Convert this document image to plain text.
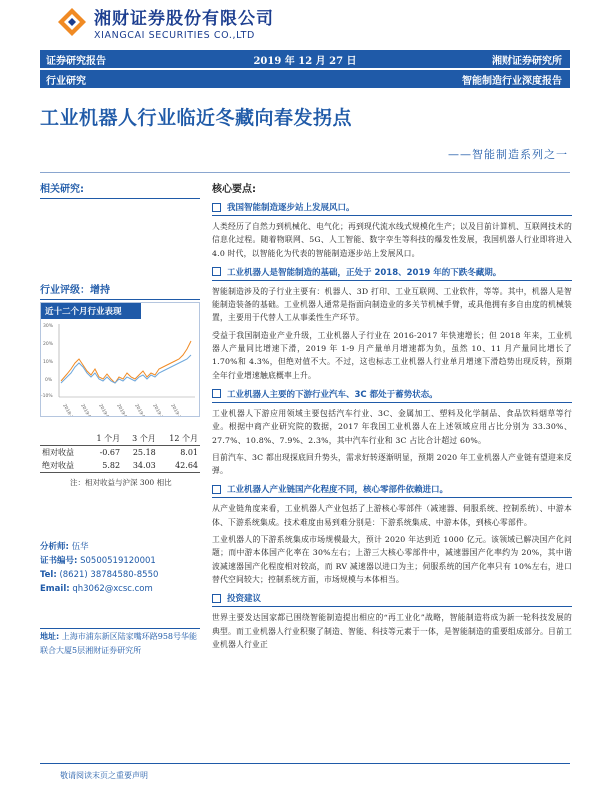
湘财证券股份有限公司
XIANGCAI SECURITIES CO.,LTD
证券研究报告	2019 年 12 月 27 日	湘财证券研究所
行业研究	智能制造行业深度报告
工业机器人行业临近冬藏向春发拐点
——智能制造系列之一
相关研究:
行业评级：增持
近十二个月行业表现
30%
20%
10%
0%
-10%
2018-12 2019-02 2019-04 2019-06 2019-08 2019-10 2019-12
	1 个月	3 个月	12 个月
相对收益	-0.67	25.18	8.01
绝对收益	5.82	34.03	42.64
注：相对收益与沪深 300 相比
分析师: 伍华
证书编号: S0500519120001
Tel: (8621) 38784580-8550
Email: qh3062@xcsc.com
地址: 上海市浦东新区陆家嘴环路958号华能联合大厦5层湘财证券研究所
核心要点:
我国智能制造逐步站上发展风口。

人类经历了自然力到机械化、电气化；再到现代流水线式规模化生产；以及目前计算机、互联网技术的信息化过程。随着物联网、5G、人工智能、数字孪生等科技的爆发性发展，我国机器人行业即将进入 4.0 时代，以智能化为代表的智能制造逐步站上发展风口。

工业机器人是智能制造的基础，正处于 2018、2019 年的下跌冬藏期。

智能制造涉及的子行业主要有：机器人、3D 打印、工业互联网、工业软件，等等。其中，机器人是智能制造装备的基础。工业机器人通常是指面向制造业的多关节机械手臂，或具他拥有多自由度的机械装置，主要用于代替人工从事柔性生产环节。

受益于我国制造业产业升级，工业机器人子行业在 2016-2017 年快速增长；但 2018 年来，工业机器人产量同比增速下滑，2019 年 1-9 月产量单月增速都为负，虽然 10、11 月产量同比增长了 1.70%和 4.3%，但绝对值不大。不过，这也标志工业机器人行业单月增速下滑趋势出现反转，预期全年行业增速触底概率上升。

工业机器人主要的下游行业汽车、3C 都处于蓄势状态。

工业机器人下游应用领域主要包括汽车行业、3C、金属加工、塑料及化学制品、食品饮料烟草等行业。根据中商产业研究院的数据，2017 年我国工业机器人在上述领域应用占比分别为 33.30%、27.7%、10.8%、7.9%、2.3%，其中汽车行业和 3C 占比合计超过 60%。

目前汽车、3C 都出现探底回升势头，需求好转逐渐明显，预期 2020 年工业机器人产业链有望迎来反弹。

工业机器人产业链国产化程度不同，核心零部件依赖进口。

从产业链角度来看，工业机器人产业包括了上游核心零部件（减速器、伺服系统、控制系统）、中游本体、下游系统集成。技术难度由易到难分别是：下游系统集成、中游本体，到核心零部件。

工业机器人的下游系统集成市场规模最大，预计 2020 年达到近 1000 亿元。该领域已解决国产化问题；而中游本体国产化率在 30%左右；上游三大核心零部件中，减速器国产化率约为 20%，其中谐波减速器国产化程度相对较高，而 RV 减速器以进口为主；伺服系统的国产化率只有 10%左右，进口替代空间较大；控制系统方面，市场规模与本体相当。

投资建议

世界主要发达国家都已围绕智能制造提出相应的“再工业化”战略，智能制造将成为新一轮科技发展的典型。而工业机器人行业积聚了制造、智能、科技等元素于一体，是智能制造的重要组成部分。目前工业机器人行业正

敬请阅读末页之重要声明
